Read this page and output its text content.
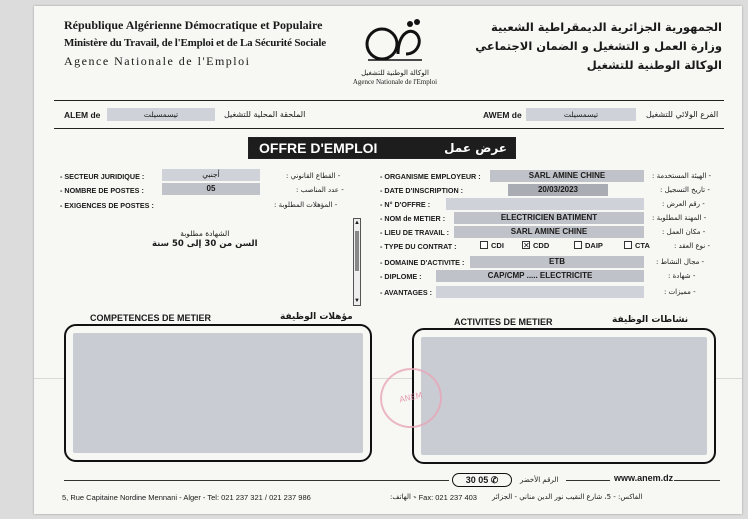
République Algérienne Démocratique et Populaire
Ministère du Travail, de l'Emploi et de La Sécurité Sociale
Agence Nationale de l'Emploi
الوكالة الوطنية للتشغيل
Agence Nationale de l'Emploi
الجمهورية الجزائرية الديمقراطية الشعبية
وزارة العمل و التشغيل و الضمان الاجتماعي
الوكالة الوطنية للتشغيل
ALEM de	تيسمسيلت	الملحقة المحلية للتشغيل	AWEM de	تيسمسيلت	الفرع الولائي للتشغيل
OFFRE D'EMPLOI	عرض عمل
- SECTEUR JURIDIQUE :	أجنبي	- القطاع القانوني :
- NOMBRE DE POSTES :	05	- عدد المناصب :
- EXIGENCES DE POSTES :	- المؤهلات المطلوبة :
الشهادة مطلوبة
السن من 30 إلى 50 سنة
▲
▼
- ORGANISME EMPLOYEUR :	SARL AMINE CHINE	- الهيئة المستخدمة :
- DATE D'INSCRIPTION :	20/03/2023	- تاريخ التسجيل :
- N° D'OFFRE :	- رقم العرض :
- NOM de METIER :	ELECTRICIEN BATIMENT	- المهنة المطلوبة :
- LIEU DE TRAVAIL :	SARL AMINE CHINE	- مكان العمل :
- TYPE DU CONTRAT :	CDI ✕ CDD	DAIP	CTA	- نوع العقد :
- DOMAINE D'ACTIVITE :	ETB	- مجال النشاط :
- DIPLOME :	CAP/CMP ..... ELECTRICITE	- شهادة :
- AVANTAGES :	- مميزات :
COMPETENCES DE METIER	مؤهلات الوظيفة	ACTIVITES DE METIER	نشاطات الوظيفة
ANEM
30 05 ✆	الرقم الأخضر	www.anem.dz
5, Rue Capitaine Nordine Mennani - Alger - Tel: 021 237 321 / 021 237 986	- الهاتف:
- Fax: 021 237 403 الفاكس: - 5، شارع النقيب نور الدين مناني - الجزائر
